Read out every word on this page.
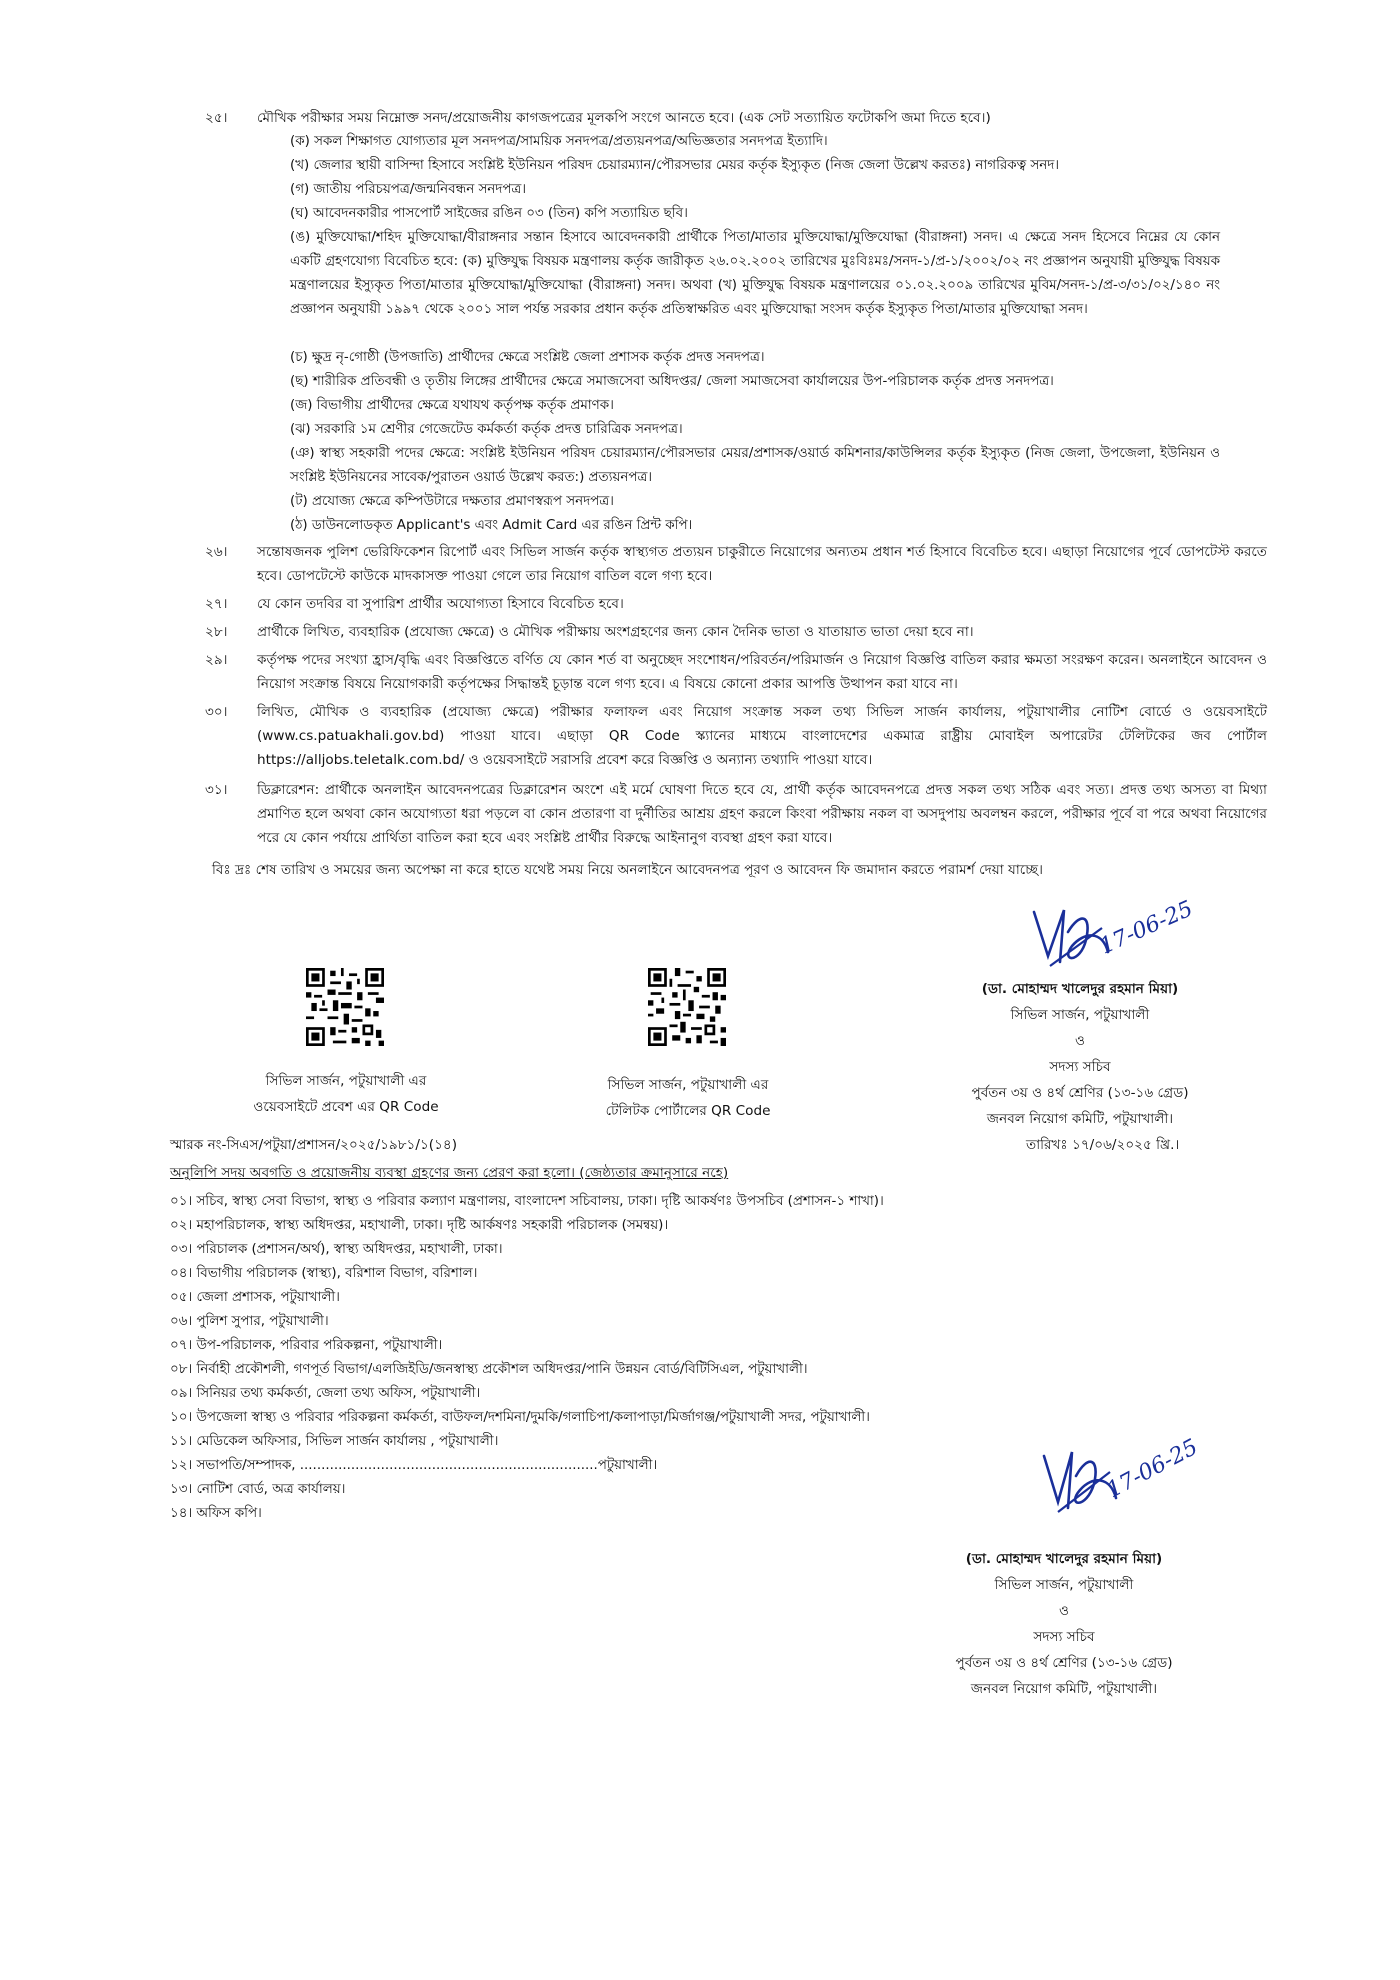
২৫।	মৌখিক পরীক্ষার সময় নিম্নোক্ত সনদ/প্রয়োজনীয় কাগজপত্রের মূলকপি সংগে আনতে হবে। (এক সেট সত্যায়িত ফটোকপি জমা দিতে হবে।)
(ক) সকল শিক্ষাগত যোগ্যতার মূল সনদপত্র/সাময়িক সনদপত্র/প্রত্যয়নপত্র/অভিজ্ঞতার সনদপত্র ইত্যাদি।
(খ) জেলার স্থায়ী বাসিন্দা হিসাবে সংশ্লিষ্ট ইউনিয়ন পরিষদ চেয়ারম্যান/পৌরসভার মেয়র কর্তৃক ইস্যুকৃত (নিজ জেলা উল্লেখ করতঃ) নাগরিকত্ব সনদ।
(গ) জাতীয় পরিচয়পত্র/জন্মনিবন্ধন সনদপত্র।
(ঘ) আবেদনকারীর পাসপোর্ট সাইজের রঙিন ০৩ (তিন) কপি সত্যায়িত ছবি।
(ঙ) মুক্তিযোদ্ধা/শহিদ মুক্তিযোদ্ধা/বীরাঙ্গনার সন্তান হিসাবে আবেদনকারী প্রার্থীকে পিতা/মাতার মুক্তিযোদ্ধা/মুক্তিযোদ্ধা (বীরাঙ্গনা) সনদ। এ ক্ষেত্রে সনদ হিসেবে নিম্নের যে কোন একটি গ্রহণযোগ্য বিবেচিত হবে: (ক) মুক্তিযুদ্ধ বিষয়ক মন্ত্রণালয় কর্তৃক জারীকৃত ২৬.০২.২০০২ তারিখের মুঃবিঃমঃ/সনদ-১/প্র-১/২০০২/০২ নং প্রজ্ঞাপন অনুযায়ী মুক্তিযুদ্ধ বিষয়ক মন্ত্রণালয়ের ইস্যুকৃত পিতা/মাতার মুক্তিযোদ্ধা/মুক্তিযোদ্ধা (বীরাঙ্গনা) সনদ। অথবা (খ) মুক্তিযুদ্ধ বিষয়ক মন্ত্রণালয়ের ০১.০২.২০০৯ তারিখের মুবিম/সনদ-১/প্র-৩/৩১/০২/১৪০ নং প্রজ্ঞাপন অনুযায়ী ১৯৯৭ থেকে ২০০১ সাল পর্যন্ত সরকার প্রধান কর্তৃক প্রতিস্বাক্ষরিত এবং মুক্তিযোদ্ধা সংসদ কর্তৃক ইস্যুকৃত পিতা/মাতার মুক্তিযোদ্ধা সনদ।
(চ) ক্ষুদ্র নৃ-গোষ্ঠী (উপজাতি) প্রার্থীদের ক্ষেত্রে সংশ্লিষ্ট জেলা প্রশাসক কর্তৃক প্রদত্ত সনদপত্র।
(ছ) শারীরিক প্রতিবন্ধী ও তৃতীয় লিঙ্গের প্রার্থীদের ক্ষেত্রে সমাজসেবা অধিদপ্তর/ জেলা সমাজসেবা কার্যালয়ের উপ-পরিচালক কর্তৃক প্রদত্ত সনদপত্র।
(জ) বিভাগীয় প্রার্থীদের ক্ষেত্রে যথাযথ কর্তৃপক্ষ কর্তৃক প্রমাণক।
(ঝ) সরকারি ১ম শ্রেণীর গেজেটেড কর্মকর্তা কর্তৃক প্রদত্ত চারিত্রিক সনদপত্র।
(ঞ) স্বাস্থ্য সহকারী পদের ক্ষেত্রে: সংশ্লিষ্ট ইউনিয়ন পরিষদ চেয়ারম্যান/পৌরসভার মেয়র/প্রশাসক/ওয়ার্ড কমিশনার/কাউন্সিলর কর্তৃক ইস্যুকৃত (নিজ জেলা, উপজেলা, ইউনিয়ন ও সংশ্লিষ্ট ইউনিয়নের সাবেক/পুরাতন ওয়ার্ড উল্লেখ করত:) প্রত্যয়নপত্র।
(ট) প্রযোজ্য ক্ষেত্রে কম্পিউটারে দক্ষতার প্রমাণস্বরূপ সনদপত্র।
(ঠ) ডাউনলোডকৃত Applicant's এবং Admit Card এর রঙিন প্রিন্ট কপি।
২৬।	সন্তোষজনক পুলিশ ভেরিফিকেশন রিপোর্ট এবং সিভিল সার্জন কর্তৃক স্বাস্থ্যগত প্রত্যয়ন চাকুরীতে নিয়োগের অন্যতম প্রধান শর্ত হিসাবে বিবেচিত হবে। এছাড়া নিয়োগের পূর্বে ডোপটেস্ট করতে হবে। ডোপটেস্টে কাউকে মাদকাসক্ত পাওয়া গেলে তার নিয়োগ বাতিল বলে গণ্য হবে।
২৭।	যে কোন তদবির বা সুপারিশ প্রার্থীর অযোগ্যতা হিসাবে বিবেচিত হবে।
২৮।	প্রার্থীকে লিখিত, ব্যবহারিক (প্রযোজ্য ক্ষেত্রে) ও মৌখিক পরীক্ষায় অংশগ্রহণের জন্য কোন দৈনিক ভাতা ও যাতায়াত ভাতা দেয়া হবে না।
২৯।	কর্তৃপক্ষ পদের সংখ্যা হ্রাস/বৃদ্ধি এবং বিজ্ঞপ্তিতে বর্ণিত যে কোন শর্ত বা অনুচ্ছেদ সংশোধন/পরিবর্তন/পরিমার্জন ও নিয়োগ বিজ্ঞপ্তি বাতিল করার ক্ষমতা সংরক্ষণ করেন। অনলাইনে আবেদন ও নিয়োগ সংক্রান্ত বিষয়ে নিয়োগকারী কর্তৃপক্ষের সিদ্ধান্তই চূড়ান্ত বলে গণ্য হবে। এ বিষয়ে কোনো প্রকার আপত্তি উত্থাপন করা যাবে না।
৩০।	লিখিত, মৌখিক ও ব্যবহারিক (প্রযোজ্য ক্ষেত্রে) পরীক্ষার ফলাফল এবং নিয়োগ সংক্রান্ত সকল তথ্য সিভিল সার্জন কার্যালয়, পটুয়াখালীর নোটিশ বোর্ডে ও ওয়েবসাইটে (www.cs.patuakhali.gov.bd) পাওয়া যাবে। এছাড়া QR Code স্ক্যানের মাধ্যমে বাংলাদেশের একমাত্র রাষ্ট্রীয় মোবাইল অপারেটর টেলিটকের জব পোর্টাল https://alljobs.teletalk.com.bd/ ও ওয়েবসাইটে সরাসরি প্রবেশ করে বিজ্ঞপ্তি ও অন্যান্য তথ্যাদি পাওয়া যাবে।
৩১।	ডিক্লারেশন: প্রার্থীকে অনলাইন আবেদনপত্রের ডিক্লারেশন অংশে এই মর্মে ঘোষণা দিতে হবে যে, প্রার্থী কর্তৃক আবেদনপত্রে প্রদত্ত সকল তথ্য সঠিক এবং সত্য। প্রদত্ত তথ্য অসত্য বা মিথ্যা প্রমাণিত হলে অথবা কোন অযোগ্যতা ধরা পড়লে বা কোন প্রতারণা বা দুর্নীতির আশ্রয় গ্রহণ করলে কিংবা পরীক্ষায় নকল বা অসদুপায় অবলম্বন করলে, পরীক্ষার পূর্বে বা পরে অথবা নিয়োগের পরে যে কোন পর্যায়ে প্রার্থিতা বাতিল করা হবে এবং সংশ্লিষ্ট প্রার্থীর বিরুদ্ধে আইনানুগ ব্যবস্থা গ্রহণ করা যাবে।
বিঃ দ্রঃ শেষ তারিখ ও সময়ের জন্য অপেক্ষা না করে হাতে যথেষ্ট সময় নিয়ে অনলাইনে আবেদনপত্র পূরণ ও আবেদন ফি জমাদান করতে পরামর্শ দেয়া যাচ্ছে।
সিভিল সার্জন, পটুয়াখালী এর
ওয়েবসাইটে প্রবেশ এর QR Code
সিভিল সার্জন, পটুয়াখালী এর
টেলিটক পোর্টালের QR Code
17-06-25
(ডা. মোহাম্মদ খালেদুর রহমান মিয়া)
সিভিল সার্জন, পটুয়াখালী
ও
সদস্য সচিব
পুর্বতন ৩য় ও ৪র্থ শ্রেণির (১৩-১৬ গ্রেড)
জনবল নিয়োগ কমিটি, পটুয়াখালী।
স্মারক নং-সিএস/পটুয়া/প্রশাসন/২০২৫/১৯৮১/১(১৪)	তারিখঃ ১৭/০৬/২০২৫ খ্রি.।
অনুলিপি সদয় অবগতি ও প্রয়োজনীয় ব্যবস্থা গ্রহণের জন্য প্রেরণ করা হলো। (জেষ্ঠ্যতার ক্রমানুসারে নহে)
০১। সচিব, স্বাস্থ্য সেবা বিভাগ, স্বাস্থ্য ও পরিবার কল্যাণ মন্ত্রণালয়, বাংলাদেশ সচিবালয়, ঢাকা। দৃষ্টি আকর্ষণঃ উপসচিব (প্রশাসন-১ শাখা)।
০২। মহাপরিচালক, স্বাস্থ্য অধিদপ্তর, মহাখালী, ঢাকা। দৃষ্টি আর্কষণঃ সহকারী পরিচালক (সমন্বয়)।
০৩। পরিচালক (প্রশাসন/অর্থ), স্বাস্থ্য অধিদপ্তর, মহাখালী, ঢাকা।
০৪। বিভাগীয় পরিচালক (স্বাস্থ্য), বরিশাল বিভাগ, বরিশাল।
০৫। জেলা প্রশাসক, পটুয়াখালী।
০৬। পুলিশ সুপার, পটুয়াখালী।
০৭। উপ-পরিচালক, পরিবার পরিকল্পনা, পটুয়াখালী।
০৮। নির্বাহী প্রকৌশলী, গণপূর্ত বিভাগ/এলজিইডি/জনস্বাস্থ্য প্রকৌশল অধিদপ্তর/পানি উন্নয়ন বোর্ড/বিটিসিএল, পটুয়াখালী।
০৯। সিনিয়র তথ্য কর্মকর্তা, জেলা তথ্য অফিস, পটুয়াখালী।
১০। উপজেলা স্বাস্থ্য ও পরিবার পরিকল্পনা কর্মকর্তা, বাউফল/দশমিনা/দুমকি/গলাচিপা/কলাপাড়া/মির্জাগঞ্জ/পটুয়াখালী সদর, পটুয়াখালী।
১১। মেডিকেল অফিসার, সিভিল সার্জন কার্যালয় , পটুয়াখালী।
১২। সভাপতি/সম্পাদক, ......................................................................পটুয়াখালী।
১৩। নোটিশ বোর্ড, অত্র কার্যালয়।
১৪। অফিস কপি।
17-06-25
(ডা. মোহাম্মদ খালেদুর রহমান মিয়া)
সিভিল সার্জন, পটুয়াখালী
ও
সদস্য সচিব
পুর্বতন ৩য় ও ৪র্থ শ্রেণির (১৩-১৬ গ্রেড)
জনবল নিয়োগ কমিটি, পটুয়াখালী।
